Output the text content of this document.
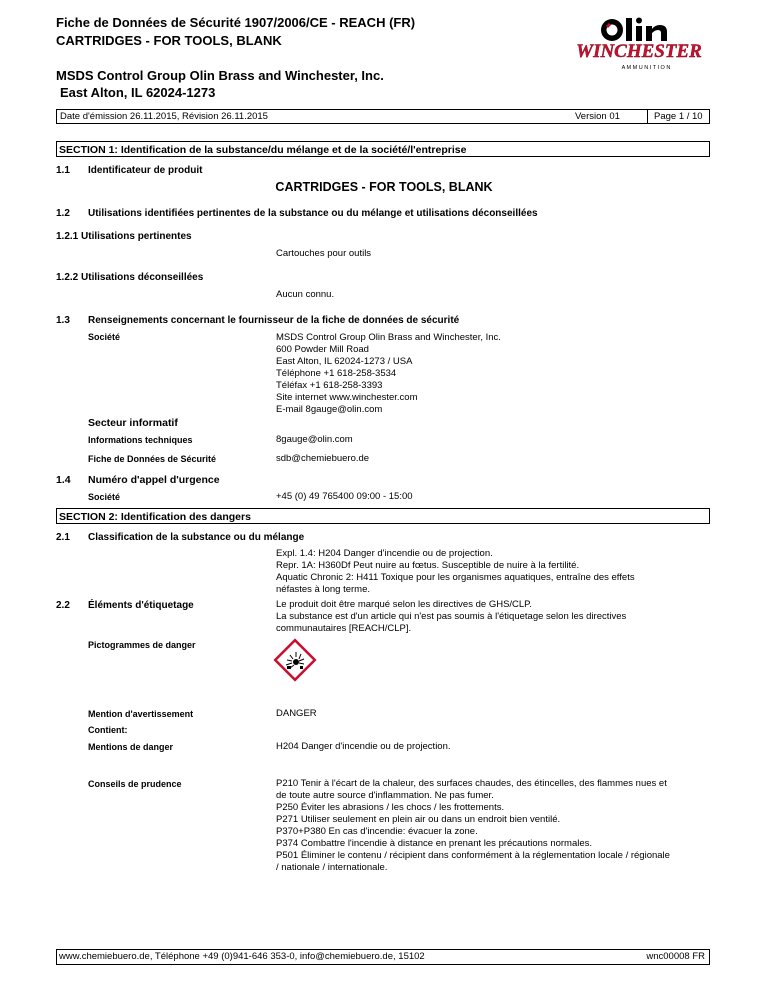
Fiche de Données de Sécurité 1907/2006/CE - REACH (FR)
CARTRIDGES - FOR TOOLS, BLANK
MSDS Control Group Olin Brass and Winchester, Inc.
East Alton, IL 62024-1273
WINCHESTER
A M M U N I T I O N
Date d'émission 26.11.2015, Révision 26.11.2015	Version 01	Page 1 / 10
SECTION 1: Identification de la substance/du mélange et de la société/l'entreprise
1.1 Identificateur de produit
CARTRIDGES - FOR TOOLS, BLANK
1.2 Utilisations identifiées pertinentes de la substance ou du mélange et utilisations déconseillées
1.2.1 Utilisations pertinentes
Cartouches pour outils
1.2.2 Utilisations déconseillées
Aucun connu.
1.3 Renseignements concernant le fournisseur de la fiche de données de sécurité
Société	MSDS Control Group Olin Brass and Winchester, Inc.
600 Powder Mill Road
East Alton, IL 62024-1273 / USA
Téléphone +1 618-258-3534
Téléfax +1 618-258-3393
Site internet www.winchester.com
E-mail 8gauge@olin.com
Secteur informatif
Informations techniques	8gauge@olin.com
Fiche de Données de Sécurité	sdb@chemiebuero.de
1.4 Numéro d'appel d'urgence
Société	+45 (0) 49 765400 09:00 - 15:00
SECTION 2: Identification des dangers
2.1 Classification de la substance ou du mélange
Expl. 1.4: H204 Danger d'incendie ou de projection.
Repr. 1A: H360Df Peut nuire au fœtus. Susceptible de nuire à la fertilité.
Aquatic Chronic 2: H411 Toxique pour les organismes aquatiques, entraîne des effets
néfastes à long terme.
2.2 Éléments d'étiquetage	Le produit doit être marqué selon les directives de GHS/CLP.
La substance est d'un article qui n'est pas soumis à l'étiquetage selon les directives
communautaires [REACH/CLP].
Pictogrammes de danger
Mention d'avertissement	DANGER
Contient:
Mentions de danger	H204 Danger d'incendie ou de projection.
Conseils de prudence	P210 Tenir à l'écart de la chaleur, des surfaces chaudes, des étincelles, des flammes nues et
de toute autre source d'inflammation. Ne pas fumer.
P250 Éviter les abrasions / les chocs / les frottements.
P271 Utiliser seulement en plein air ou dans un endroit bien ventilé.
P370+P380 En cas d'incendie: évacuer la zone.
P374 Combattre l'incendie à distance en prenant les précautions normales.
P501 Éliminer le contenu / récipient dans conformément à la réglementation locale / régionale
/ nationale / internationale.
www.chemiebuero.de, Téléphone +49 (0)941-646 353-0, info@chemiebuero.de, 15102	wnc00008 FR
